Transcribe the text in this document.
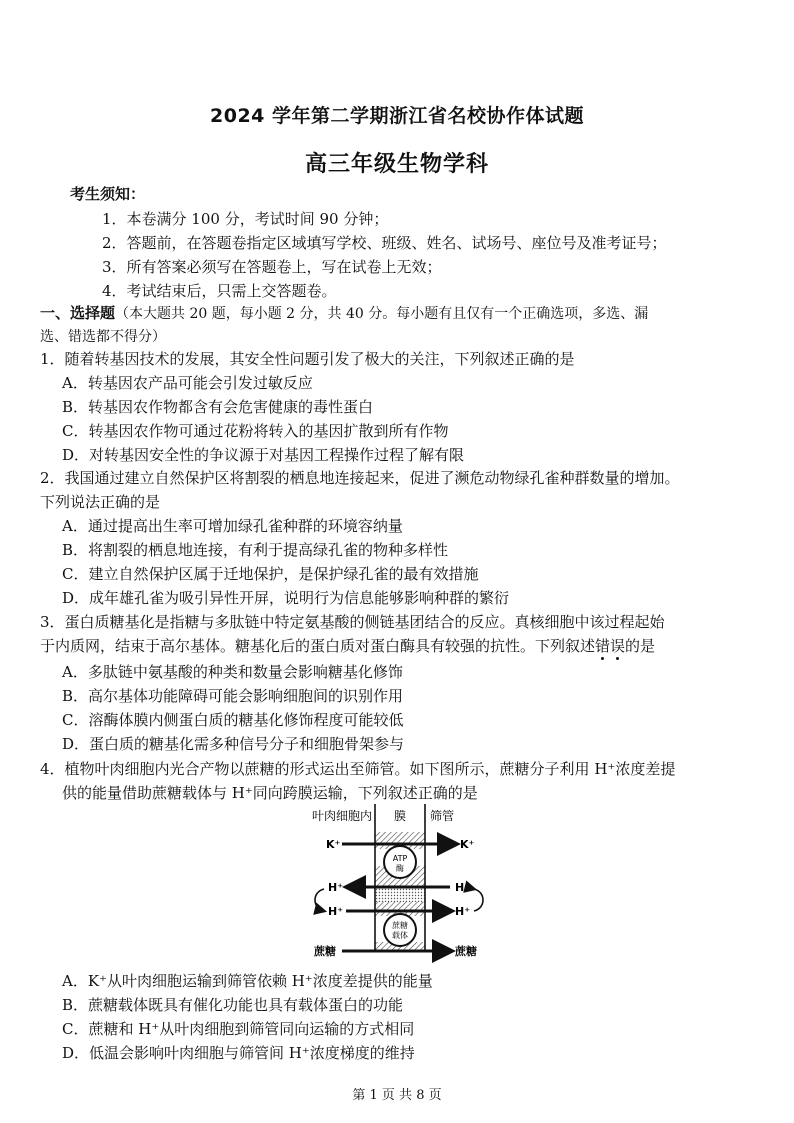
2024 学年第二学期浙江省名校协作体试题
高三年级生物学科
考生须知：
1．本卷满分 100 分，考试时间 90 分钟；
2．答题前，在答题卷指定区域填写学校、班级、姓名、试场号、座位号及准考证号；
3．所有答案必须写在答题卷上，写在试卷上无效；
4．考试结束后，只需上交答题卷。
一、选择题（本大题共 20 题，每小题 2 分，共 40 分。每小题有且仅有一个正确选项，多选、漏
选、错选都不得分）
1．随着转基因技术的发展，其安全性问题引发了极大的关注，下列叙述正确的是
A．转基因农产品可能会引发过敏反应
B．转基因农作物都含有会危害健康的毒性蛋白
C．转基因农作物可通过花粉将转入的基因扩散到所有作物
D．对转基因安全性的争议源于对基因工程操作过程了解有限
2．我国通过建立自然保护区将割裂的栖息地连接起来，促进了濒危动物绿孔雀种群数量的增加。
下列说法正确的是
A．通过提高出生率可增加绿孔雀种群的环境容纳量
B．将割裂的栖息地连接，有利于提高绿孔雀的物种多样性
C．建立自然保护区属于迁地保护，是保护绿孔雀的最有效措施
D．成年雄孔雀为吸引异性开屏，说明行为信息能够影响种群的繁衍
3．蛋白质糖基化是指糖与多肽链中特定氨基酸的侧链基团结合的反应。真核细胞中该过程起始
于内质网，结束于高尔基体。糖基化后的蛋白质对蛋白酶具有较强的抗性。下列叙述错误的是
A．多肽链中氨基酸的种类和数量会影响糖基化修饰
B．高尔基体功能障碍可能会影响细胞间的识别作用
C．溶酶体膜内侧蛋白质的糖基化修饰程度可能较低
D．蛋白质的糖基化需多种信号分子和细胞骨架参与
4．植物叶肉细胞内光合产物以蔗糖的形式运出至筛管。如下图所示，蔗糖分子利用 H⁺浓度差提
供的能量借助蔗糖载体与 H⁺同向跨膜运输，下列叙述正确的是
叶肉细胞内 膜 筛管
K⁺	K⁺
ATP
酶
H⁺	H⁺
H⁺	H⁺
蔗糖
载体
蔗糖	蔗糖
A．K⁺从叶肉细胞运输到筛管依赖 H⁺浓度差提供的能量
B．蔗糖载体既具有催化功能也具有载体蛋白的功能
C．蔗糖和 H⁺从叶肉细胞到筛管同向运输的方式相同
D．低温会影响叶肉细胞与筛管间 H⁺浓度梯度的维持
第 1 页 共 8 页
